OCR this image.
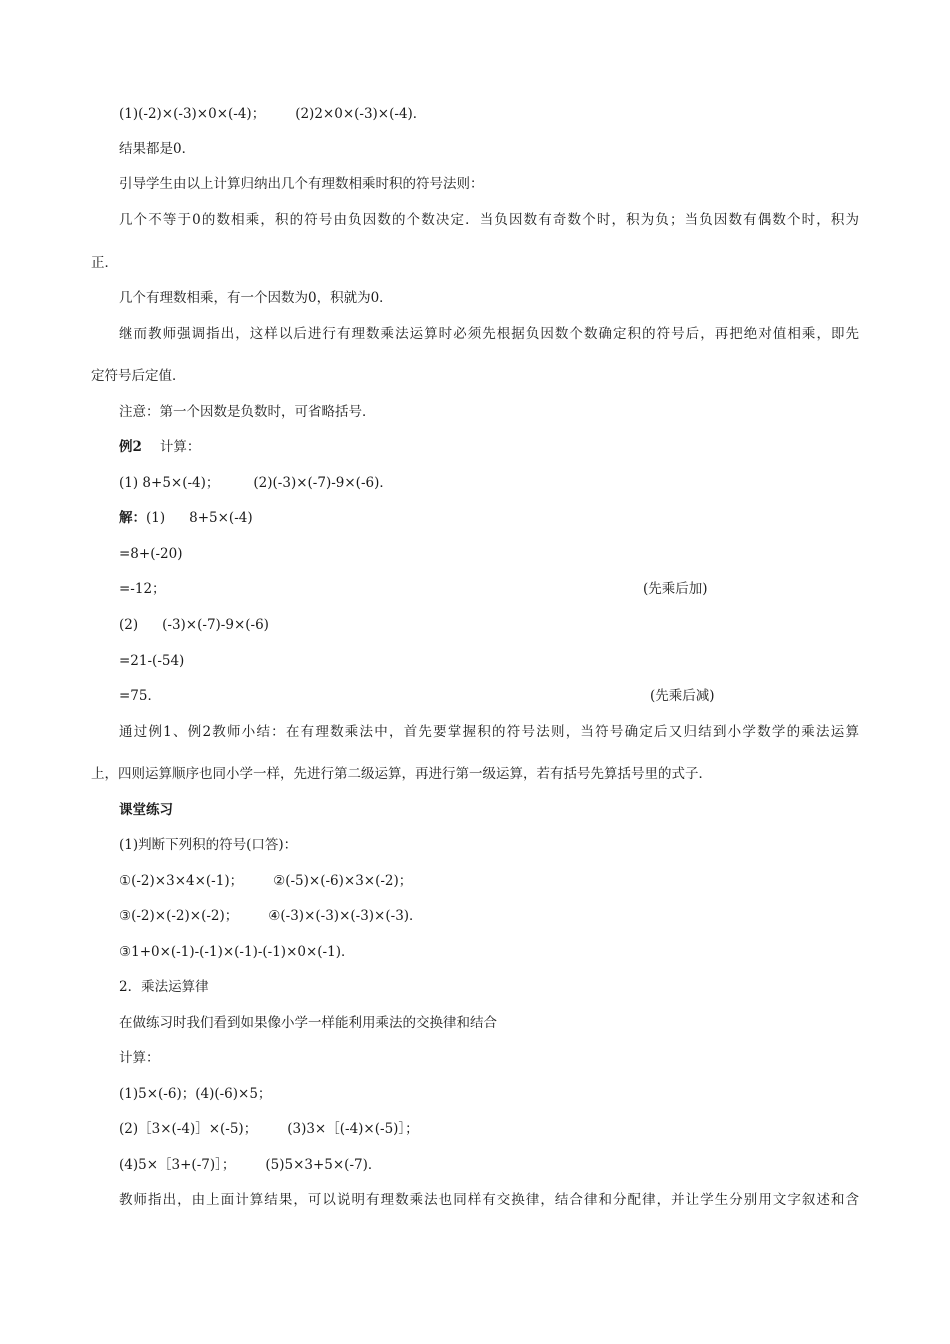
(1)(-2)×(-3)×0×(-4)； (2)2×0×(-3)×(-4)．
结果都是0．
引导学生由以上计算归纳出几个有理数相乘时积的符号法则：
几个不等于0的数相乘，积的符号由负因数的个数决定．当负因数有奇数个时，积为负；当负因数有偶数个时，积为
正．
几个有理数相乘，有一个因数为0，积就为0．
继而教师强调指出，这样以后进行有理数乘法运算时必须先根据负因数个数确定积的符号后，再把绝对值相乘，即先
定符号后定值．
注意：第一个因数是负数时，可省略括号．
例2 计算：
(1) 8+5×(-4)；	(2)(-3)×(-7)-9×(-6)．
解：(1) 8+5×(-4)
=8+(-20)
=-12；	(先乘后加)
(2) (-3)×(-7)-9×(-6)
=21-(-54)
=75．	(先乘后减)
通过例1、例2教师小结：在有理数乘法中，首先要掌握积的符号法则，当符号确定后又归结到小学数学的乘法运算
上，四则运算顺序也同小学一样，先进行第二级运算，再进行第一级运算，若有括号先算括号里的式子．
课堂练习
(1)判断下列积的符号(口答)：
①(-2)×3×4×(-1)； ②(-5)×(-6)×3×(-2)；
③(-2)×(-2)×(-2)； ④(-3)×(-3)×(-3)×(-3)．
③1+0×(-1)-(-1)×(-1)-(-1)×0×(-1)．
2．乘法运算律
在做练习时我们看到如果像小学一样能利用乘法的交换律和结合
计算：
(1)5×(-6)；(4)(-6)×5；
(2)［3×(-4)］×(-5)； (3)3×［(-4)×(-5)］；
(4)5×［3+(-7)］； (5)5×3+5×(-7)．
教师指出，由上面计算结果，可以说明有理数乘法也同样有交换律，结合律和分配律，并让学生分别用文字叙述和含
